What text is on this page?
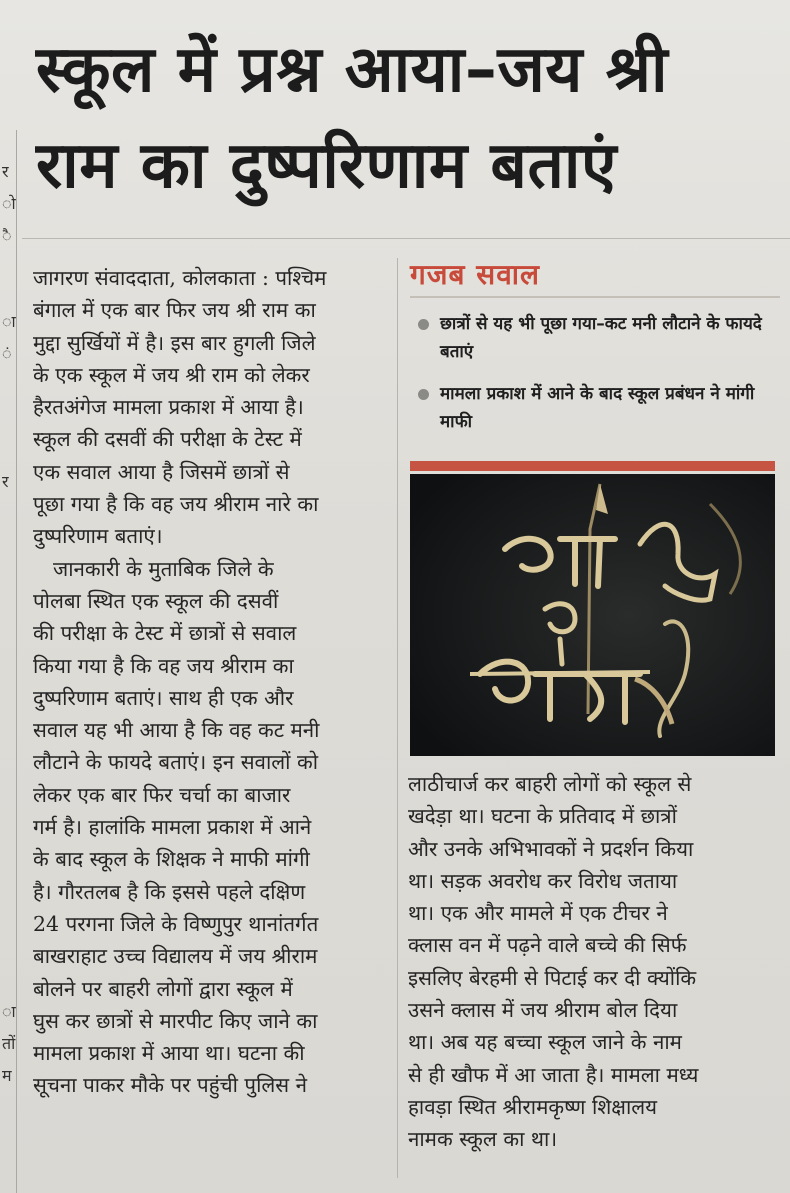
र
ो
ै
ा
ं
र
ा
तों
म
स्कूल में प्रश्न आया–जय श्री
राम का दुष्परिणाम बताएं

जागरण संवाददाता, कोलकाता : पश्चिम
बंगाल में एक बार फिर जय श्री राम का
मुद्दा सुर्खियों में है। इस बार हुगली जिले
के एक स्कूल में जय श्री राम को लेकर
हैरतअंगेज मामला प्रकाश में आया है।
स्कूल की दसवीं की परीक्षा के टेस्ट में
एक सवाल आया है जिसमें छात्रों से
पूछा गया है कि वह जय श्रीराम नारे का
दुष्परिणाम बताएं।

जानकारी के मुताबिक जिले के
पोलबा स्थित एक स्कूल की दसवीं
की परीक्षा के टेस्ट में छात्रों से सवाल
किया गया है कि वह जय श्रीराम का
दुष्परिणाम बताएं। साथ ही एक और
सवाल यह भी आया है कि वह कट मनी
लौटाने के फायदे बताएं। इन सवालों को
लेकर एक बार फिर चर्चा का बाजार
गर्म है। हालांकि मामला प्रकाश में आने
के बाद स्कूल के शिक्षक ने माफी मांगी
है। गौरतलब है कि इससे पहले दक्षिण
24 परगना जिले के विष्णुपुर थानांतर्गत
बाखराहाट उच्च विद्यालय में जय श्रीराम
बोलने पर बाहरी लोगों द्वारा स्कूल में
घुस कर छात्रों से मारपीट किए जाने का
मामला प्रकाश में आया था। घटना की
सूचना पाकर मौके पर पहुंची पुलिस ने

गजब सवाल
छात्रों से यह भी पूछा गया–कट मनी लौटाने के फायदे बताएं
मामला प्रकाश में आने के बाद स्कूल प्रबंधन ने मांगी माफी
लाठीचार्ज कर बाहरी लोगों को स्कूल से
खदेड़ा था। घटना के प्रतिवाद में छात्रों
और उनके अभिभावकों ने प्रदर्शन किया
था। सड़क अवरोध कर विरोध जताया
था। एक और मामले में एक टीचर ने
क्लास वन में पढ़ने वाले बच्चे की सिर्फ
इसलिए बेरहमी से पिटाई कर दी क्योंकि
उसने क्लास में जय श्रीराम बोल दिया
था। अब यह बच्चा स्कूल जाने के नाम
से ही खौफ में आ जाता है। मामला मध्य
हावड़ा स्थित श्रीरामकृष्ण शिक्षालय
नामक स्कूल का था।
